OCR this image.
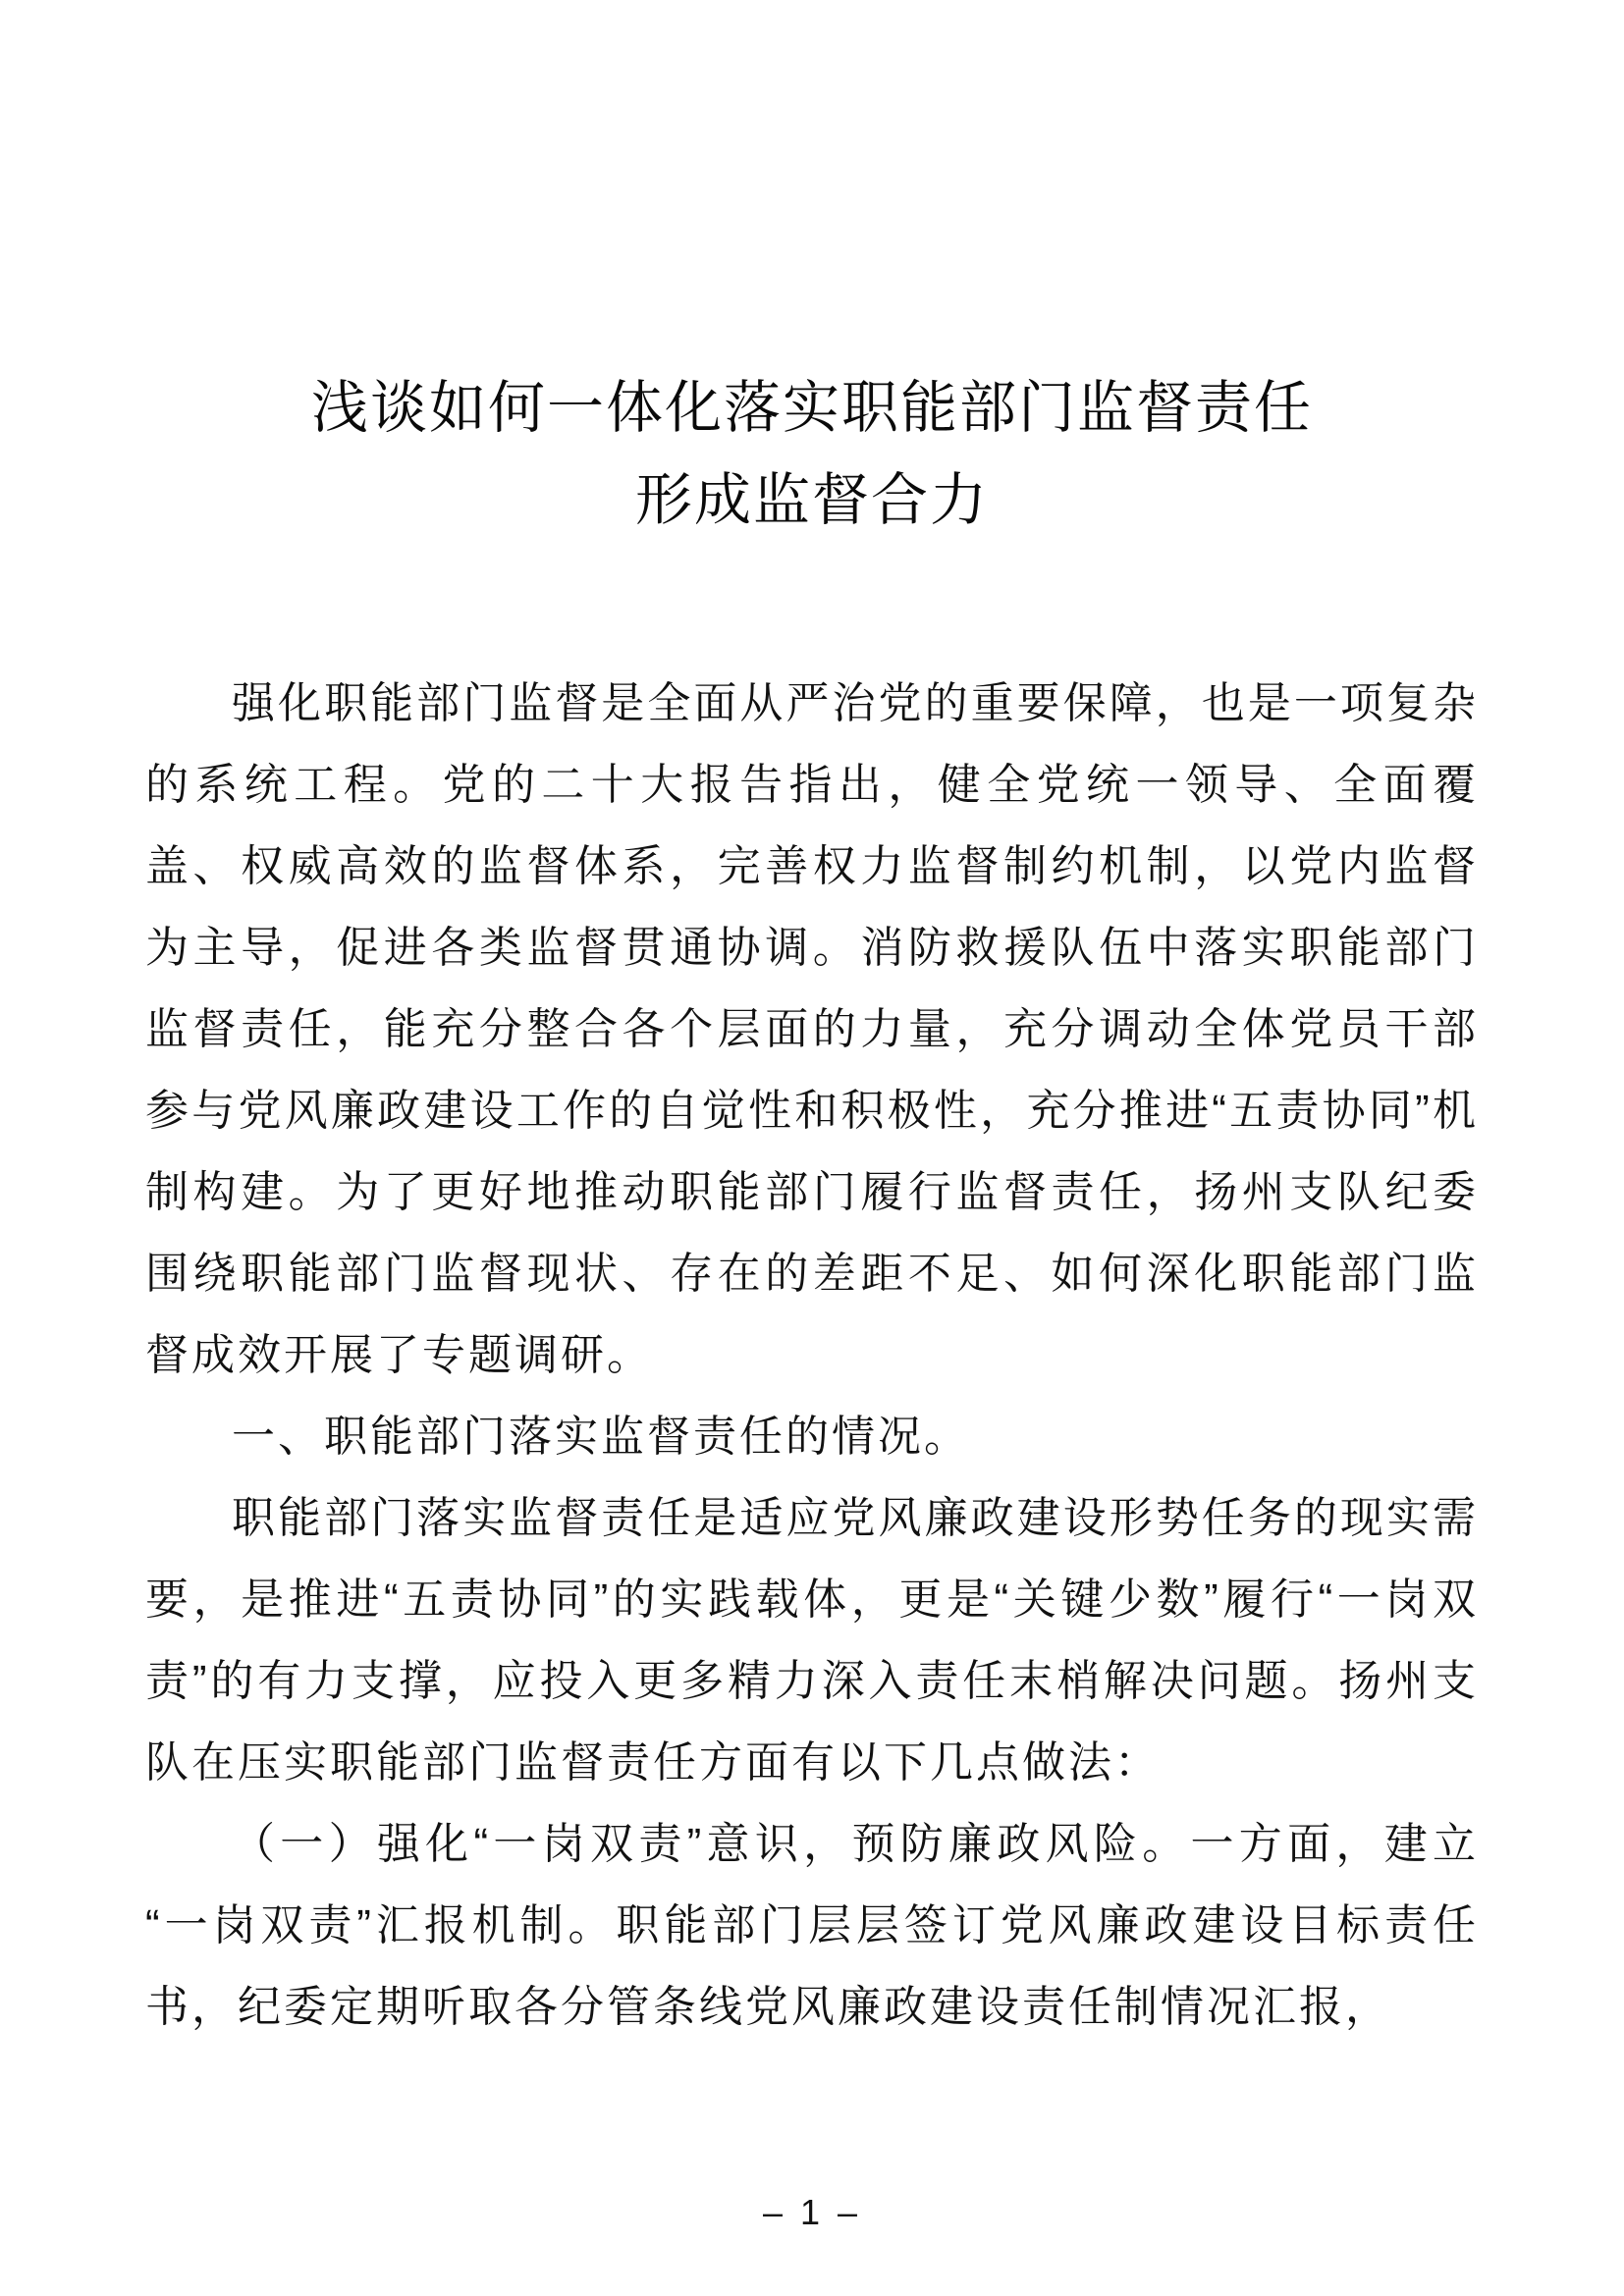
浅谈如何一体化落实职能部门监督责任
形成监督合力

强化职能部门监督是全面从严治党的重要保障，也是一项复杂的系统工程。党的二十大报告指出，健全党统一领导、全面覆盖、权威高效的监督体系，完善权力监督制约机制，以党内监督为主导，促进各类监督贯通协调。消防救援队伍中落实职能部门监督责任，能充分整合各个层面的力量，充分调动全体党员干部参与党风廉政建设工作的自觉性和积极性，充分推进“五责协同”机制构建。为了更好地推动职能部门履行监督责任，扬州支队纪委围绕职能部门监督现状、存在的差距不足、如何深化职能部门监督成效开展了专题调研。

一、职能部门落实监督责任的情况。

职能部门落实监督责任是适应党风廉政建设形势任务的现实需要，是推进“五责协同”的实践载体，更是“关键少数”履行“一岗双责”的有力支撑，应投入更多精力深入责任末梢解决问题。扬州支队在压实职能部门监督责任方面有以下几点做法：

（一）强化“一岗双责”意识，预防廉政风险。一方面，建立“一岗双责”汇报机制。职能部门层层签订党风廉政建设目标责任书，纪委定期听取各分管条线党风廉政建设责任制情况汇报，

– 1 –
